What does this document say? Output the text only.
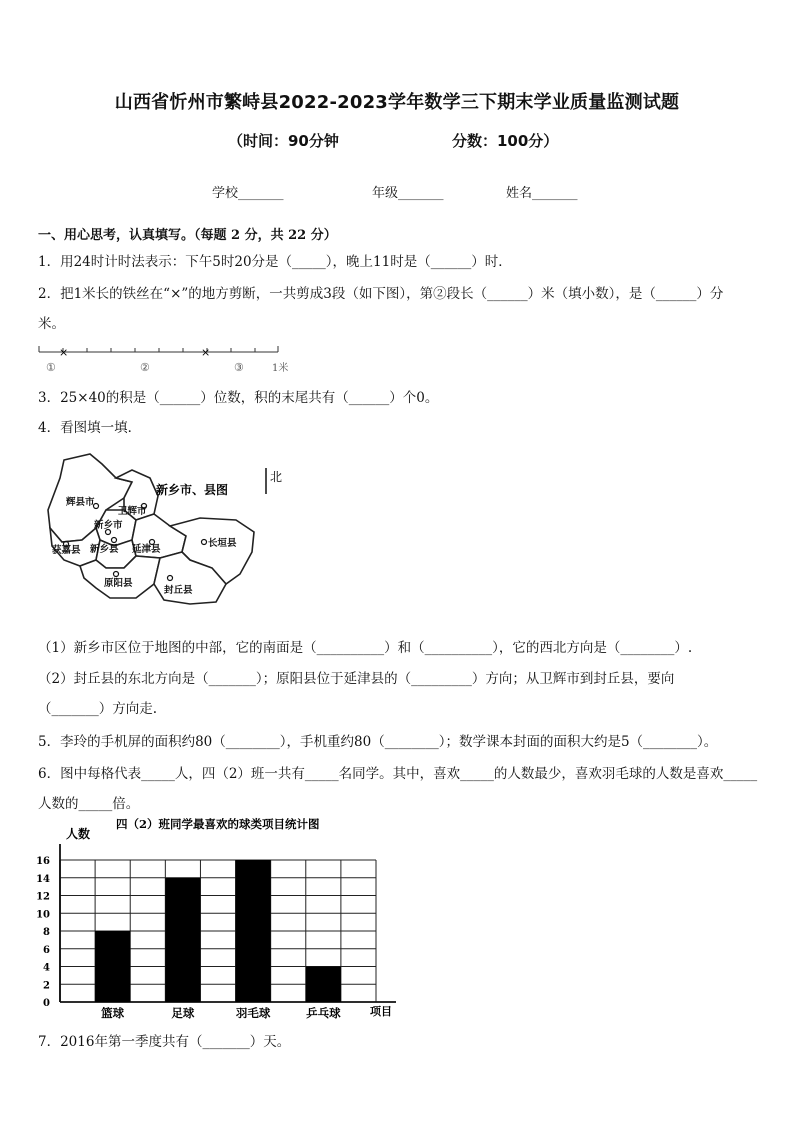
山西省忻州市繁峙县2022-2023学年数学三下期末学业质量监测试题
（时间：90分钟	分数：100分）
学校_______	年级_______	姓名_______
一、用心思考，认真填写。（每题 2 分，共 22 分）
1．用24时计时法表示：下午5时20分是（_____），晚上11时是（______）时．
2．把1米长的铁丝在“×”的地方剪断，一共剪成3段（如下图），第②段长（______）米（填小数），是（______）分
米。
×	×
①	②	③	1米
3．25×40的积是（______）位数，积的末尾共有（______）个0。
4．看图填一填．
辉县市
卫辉市
新乡市
获嘉县 新乡县 延津县
长垣县
原阳县
封丘县
新乡市、县图
北
（1）新乡市区位于地图的中部，它的南面是（__________）和（__________），它的西北方向是（________）.
（2）封丘县的东北方向是（_______）；原阳县位于延津县的（_________）方向；从卫辉市到封丘县，要向
（_______）方向走.
5．李玲的手机屏的面积约80（________），手机重约80（________）；数学课本封面的面积大约是5（________）。
6．图中每格代表_____人，四（2）班一共有_____名同学。其中，喜欢_____的人数最少，喜欢羽毛球的人数是喜欢_____
人数的_____倍。
四（2）班同学最喜欢的球类项目统计图
人数
项目
0
2
4
6
8
10
12
14
16
篮球	足球	羽毛球	乒乓球
7．2016年第一季度共有（_______）天。
